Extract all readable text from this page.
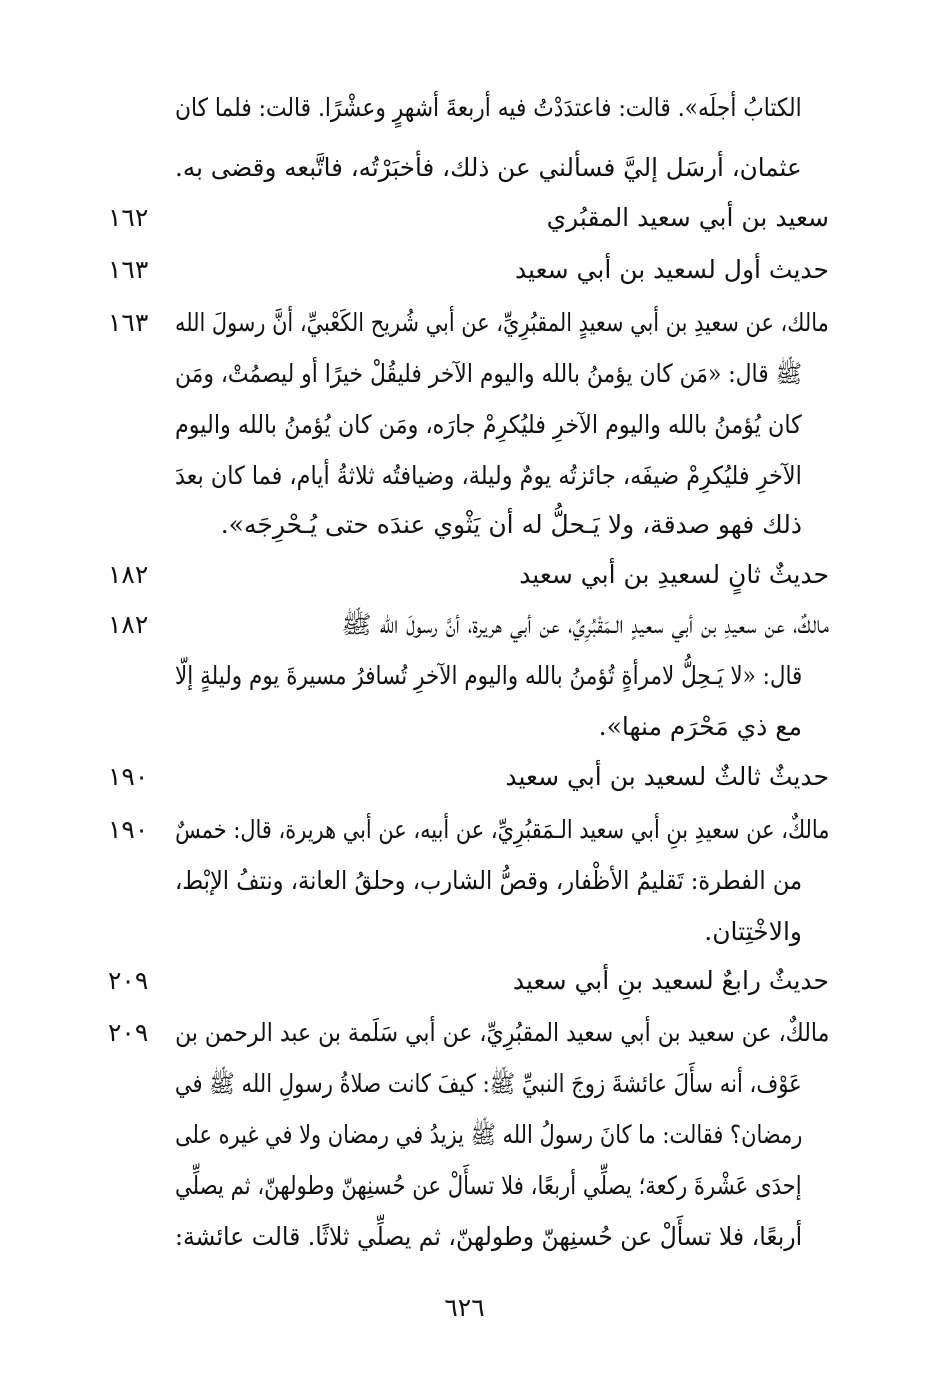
الكتابُ أجلَه». قالت: فاعتدَدْتُ فيه أربعةَ أشهرٍ وعشْرًا. قالت: فلما كان
عثمان، أرسَل إليَّ فسألني عن ذلك، فأخبَرْتُه، فاتَّبعه وقضى به.
سعيد بن أبي سعيد المقبُري
١٦٢
حديث أول لسعيد بن أبي سعيد
١٦٣
مالك، عن سعيدِ بن أبي سعيدٍ المقبُرِيِّ، عن أبي شُريح الكَعْبيِّ، أنَّ رسولَ الله
١٦٣
ﷺ قال: «مَن كان يؤمنُ بالله واليوم الآخر فليقُلْ خيرًا أو ليصمُتْ، ومَن
كان يُؤمنُ بالله واليوم الآخرِ فليُكرِمْ جارَه، ومَن كان يُؤمنُ بالله واليوم
الآخرِ فليُكرِمْ ضيفَه، جائزتُه يومٌ وليلة، وضيافتُه ثلاثةُ أيام، فما كان بعدَ
ذلك فهو صدقة، ولا يَـحلُّ له أن يَثْوي عندَه حتى يُـحْرِجَه».
حديثٌ ثانٍ لسعيدِ بن أبي سعيد
١٨٢
مالكٌ، عن سعيدِ بن أبي سعيدٍ الـمَقْبُرِيِّ، عن أبي هريرة، أنَّ رسولَ الله ﷺ
١٨٢
قال: «لا يَـحِلُّ لامرأةٍ تُؤمنُ بالله واليوم الآخرِ تُسافرُ مسيرةَ يوم وليلةٍ إلّا
مع ذي مَحْرَم منها».
حديثٌ ثالثٌ لسعيد بن أبي سعيد
١٩٠
مالكٌ، عن سعيدِ بنِ أبي سعيد الـمَقبُرِيِّ، عن أبيه، عن أبي هريرة، قال: خمسٌ
١٩٠
من الفطرة: تَقليمُ الأظْفار، وقصُّ الشارب، وحلقُ العانة، ونتفُ الإبْط،
والاخْتِتان.
حديثٌ رابعٌ لسعيد بنِ أبي سعيد
٢٠٩
مالكٌ، عن سعيد بن أبي سعيد المقبُرِيِّ، عن أبي سَلَمة بن عبد الرحمن بن
٢٠٩
عَوْف، أنه سأَلَ عائشةَ زوجَ النبيِّ ﷺ: كيفَ كانت صلاةُ رسولِ الله ﷺ في
رمضان؟ فقالت: ما كانَ رسولُ الله ﷺ يزيدُ في رمضان ولا في غيره على
إحدَى عَشْرةَ ركعة؛ يصلِّي أربعًا، فلا تسأَلْ عن حُسنِهنّ وطولهنّ، ثم يصلِّي
أربعًا، فلا تسأَلْ عن حُسنِهنّ وطولهنّ، ثم يصلِّي ثلاثًا. قالت عائشة:
٦٢٦
